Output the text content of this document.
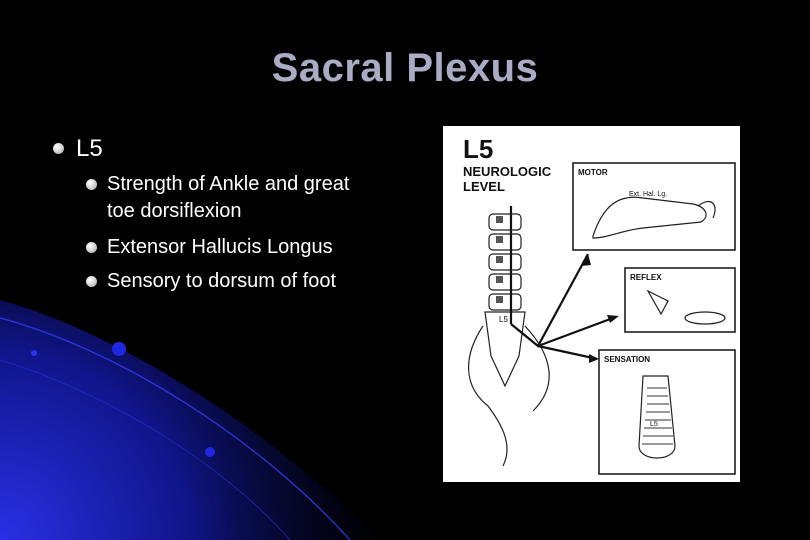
Sacral Plexus
L5
Strength of Ankle and great toe dorsiflexion
Extensor Hallucis Longus
Sensory to dorsum of foot
L5
NEUROLOGIC
LEVEL
L5
MOTOR
Ext. Hal. Lg.
REFLEX
SENSATION
L5
